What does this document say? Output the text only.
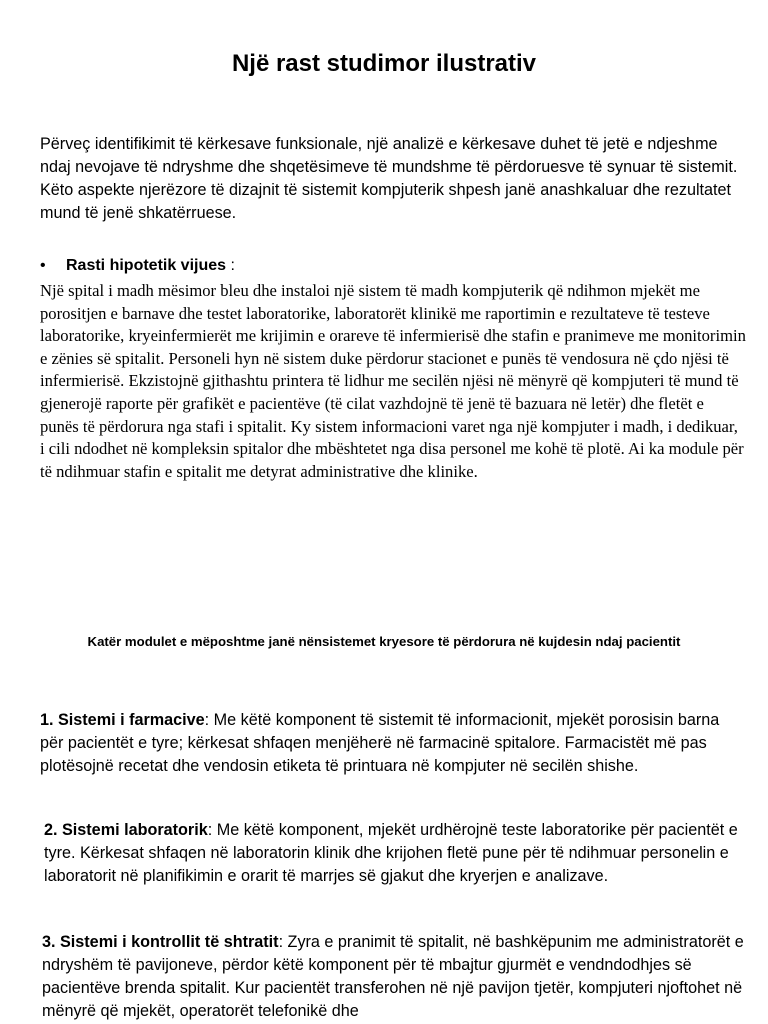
Një rast studimor ilustrativ

Përveç identifikimit të kërkesave funksionale, një analizë e kërkesave duhet të jetë e ndjeshme ndaj nevojave të ndryshme dhe shqetësimeve të mundshme të përdoruesve të synuar të sistemit. Këto aspekte njerëzore të dizajnit të sistemit kompjuterik shpesh janë anashkaluar dhe rezultatet mund të jenë shkatërruese.

• Rasti hipotetik vijues :

Një spital i madh mësimor bleu dhe instaloi një sistem të madh kompjuterik që ndihmon mjekët me porositjen e barnave dhe testet laboratorike, laboratorët klinikë me raportimin e rezultateve të testeve laboratorike, kryeinfermierët me krijimin e orareve të infermierisë dhe stafin e pranimeve me monitorimin e zënies së spitalit. Personeli hyn në sistem duke përdorur stacionet e punës të vendosura në çdo njësi të infermierisë. Ekzistojnë gjithashtu printera të lidhur me secilën njësi në mënyrë që kompjuteri të mund të gjenerojë raporte për grafikët e pacientëve (të cilat vazhdojnë të jenë të bazuara në letër) dhe fletët e punës të përdorura nga stafi i spitalit. Ky sistem informacioni varet nga një kompjuter i madh, i dedikuar, i cili ndodhet në kompleksin spitalor dhe mbështetet nga disa personel me kohë të plotë. Ai ka module për të ndihmuar stafin e spitalit me detyrat administrative dhe klinike.

Katër modulet e mëposhtme janë nënsistemet kryesore të përdorura në kujdesin ndaj pacientit

1. Sistemi i farmacive: Me këtë komponent të sistemit të informacionit, mjekët porosisin barna për pacientët e tyre; kërkesat shfaqen menjëherë në farmacinë spitalore. Farmacistët më pas plotësojnë recetat dhe vendosin etiketa të printuara në kompjuter në secilën shishe.

2. Sistemi laboratorik: Me këtë komponent, mjekët urdhërojnë teste laboratorike për pacientët e tyre. Kërkesat shfaqen në laboratorin klinik dhe krijohen fletë pune për të ndihmuar personelin e laboratorit në planifikimin e orarit të marrjes së gjakut dhe kryerjen e analizave.

3. Sistemi i kontrollit të shtratit: Zyra e pranimit të spitalit, në bashkëpunim me administratorët e ndryshëm të pavijoneve, përdor këtë komponent për të mbajtur gjurmët e vendndodhjes së pacientëve brenda spitalit. Kur pacientët transferohen në një pavijon tjetër, kompjuteri njoftohet në mënyrë që mjekët, operatorët telefonikë dhe
